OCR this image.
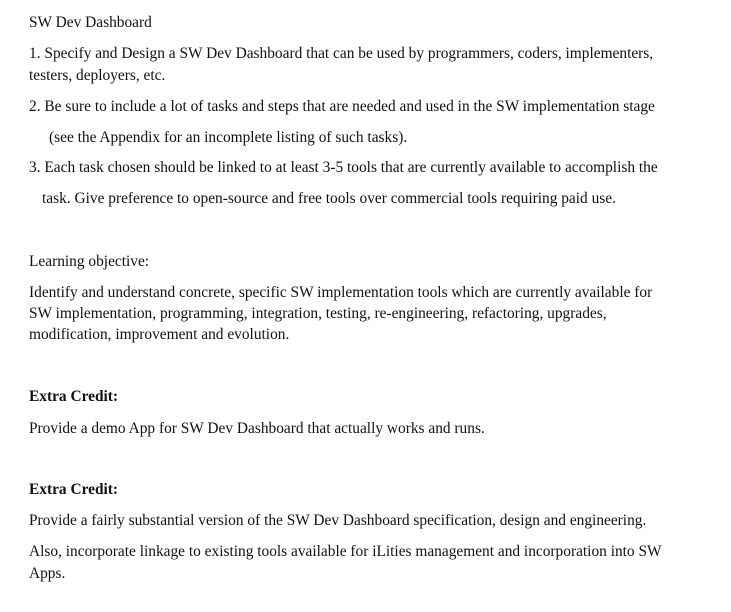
SW Dev Dashboard
1. Specify and Design a SW Dev Dashboard that can be used by programmers, coders, implementers,
testers, deployers, etc.
2. Be sure to include a lot of tasks and steps that are needed and used in the SW implementation stage
(see the Appendix for an incomplete listing of such tasks).
3. Each task chosen should be linked to at least 3-5 tools that are currently available to accomplish the
task. Give preference to open-source and free tools over commercial tools requiring paid use.
Learning objective:
Identify and understand concrete, specific SW implementation tools which are currently available for
SW implementation, programming, integration, testing, re-engineering, refactoring, upgrades,
modification, improvement and evolution.
Extra Credit:
Provide a demo App for SW Dev Dashboard that actually works and runs.
Extra Credit:
Provide a fairly substantial version of the SW Dev Dashboard specification, design and engineering.
Also, incorporate linkage to existing tools available for iLities management and incorporation into SW
Apps.
